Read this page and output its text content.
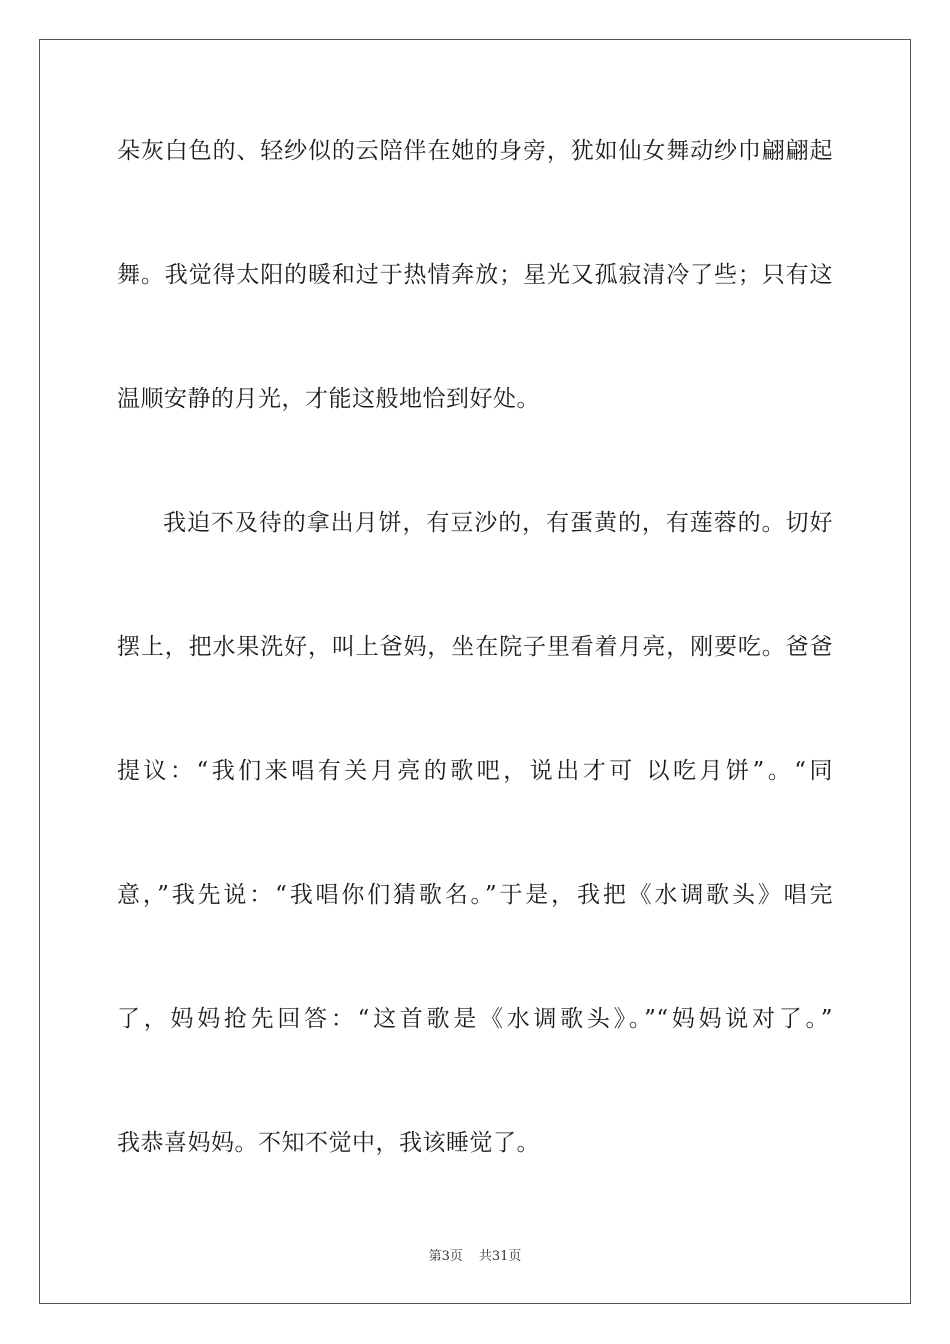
朵灰白色的、轻纱似的云陪伴在她的身旁，犹如仙女舞动纱巾翩翩起
舞。我觉得太阳的暖和过于热情奔放；星光又孤寂清冷了些；只有这
温顺安静的月光，才能这般地恰到好处。
我迫不及待的拿出月饼，有豆沙的，有蛋黄的，有莲蓉的。切好
摆上，把水果洗好，叫上爸妈，坐在院子里看着月亮，刚要吃。爸爸
提议：“我们来唱有关月亮的歌吧，说出才可 以吃月饼”。“同
意，”我先说：“我唱你们猜歌名。”于是，我把《水调歌头》唱完
了，妈妈抢先回答：“这首歌是《水调歌头》。”“妈妈说对了。”
我恭喜妈妈。不知不觉中，我该睡觉了。
第3页 共31页
